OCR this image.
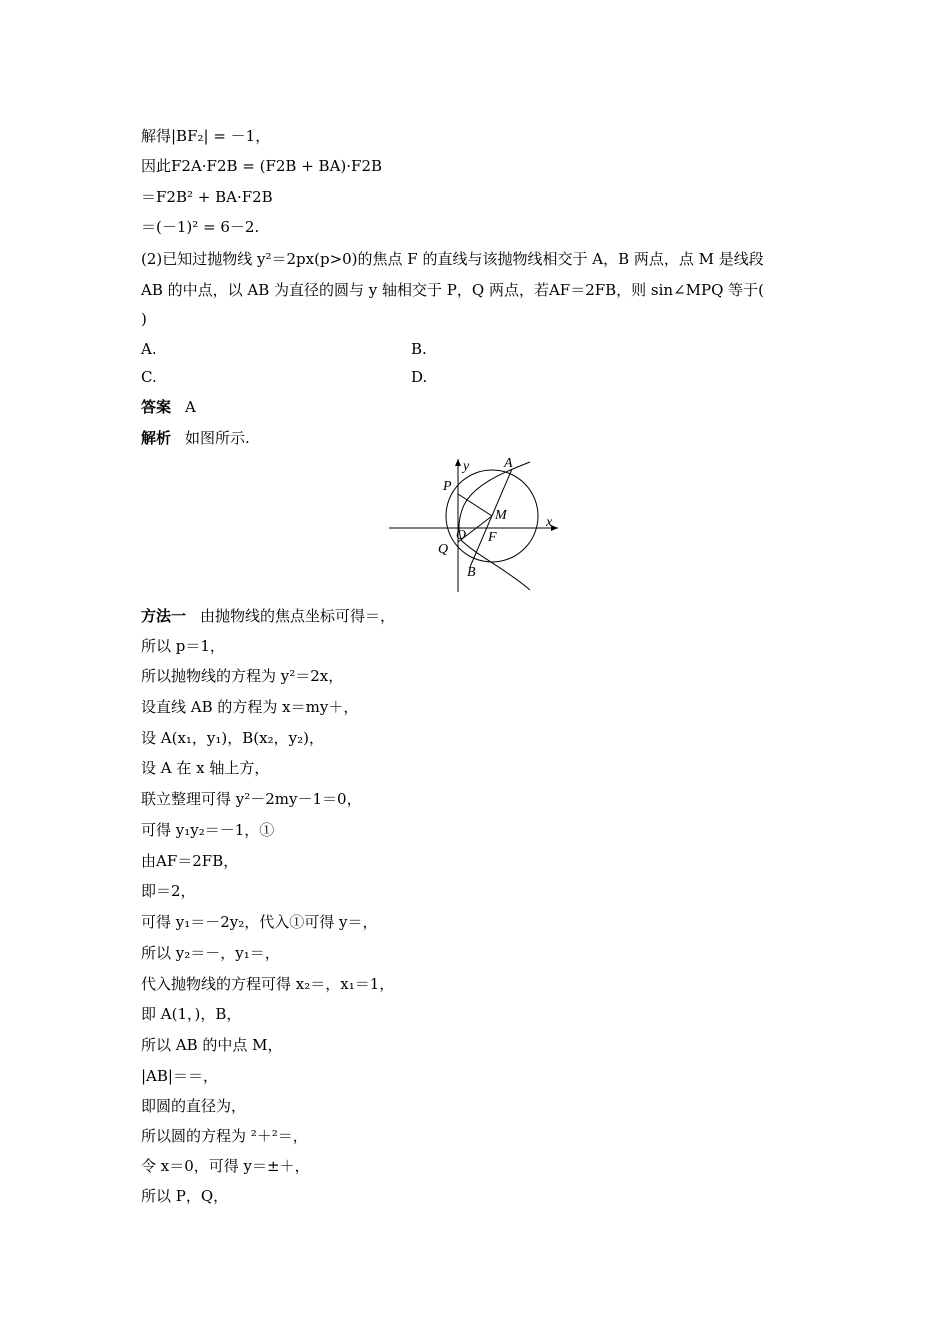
解得|BF₂| = －1，
因此F2A·F2B = (F2B + BA)·F2B
＝F2B² + BA·F2B
＝(－1)² = 6－2.
(2)已知过抛物线 y²＝2px(p>0)的焦点 F 的直线与该抛物线相交于 A，B 两点，点 M 是线段
AB 的中点，以 AB 为直径的圆与 y 轴相交于 P，Q 两点，若AF＝2FB，则 sin∠MPQ 等于(
)
A.	B.
C.	D.
答案 A
解析 如图所示.
y
x
A
P
M
O F
Q
B
方法一 由抛物线的焦点坐标可得＝，
所以 p＝1，
所以抛物线的方程为 y²＝2x，
设直线 AB 的方程为 x＝my＋，
设 A(x₁，y₁)，B(x₂，y₂)，
设 A 在 x 轴上方，
联立整理可得 y²－2my－1＝0，
可得 y₁y₂＝－1，①
由AF＝2FB，
即＝2，
可得 y₁＝－2y₂，代入①可得 y＝，
所以 y₂＝－，y₁＝，
代入抛物线的方程可得 x₂＝，x₁＝1，
即 A(1，)，B，
所以 AB 的中点 M，
|AB|＝＝，
即圆的直径为，
所以圆的方程为 ²＋²＝，
令 x＝0，可得 y＝±＋，
所以 P，Q，
